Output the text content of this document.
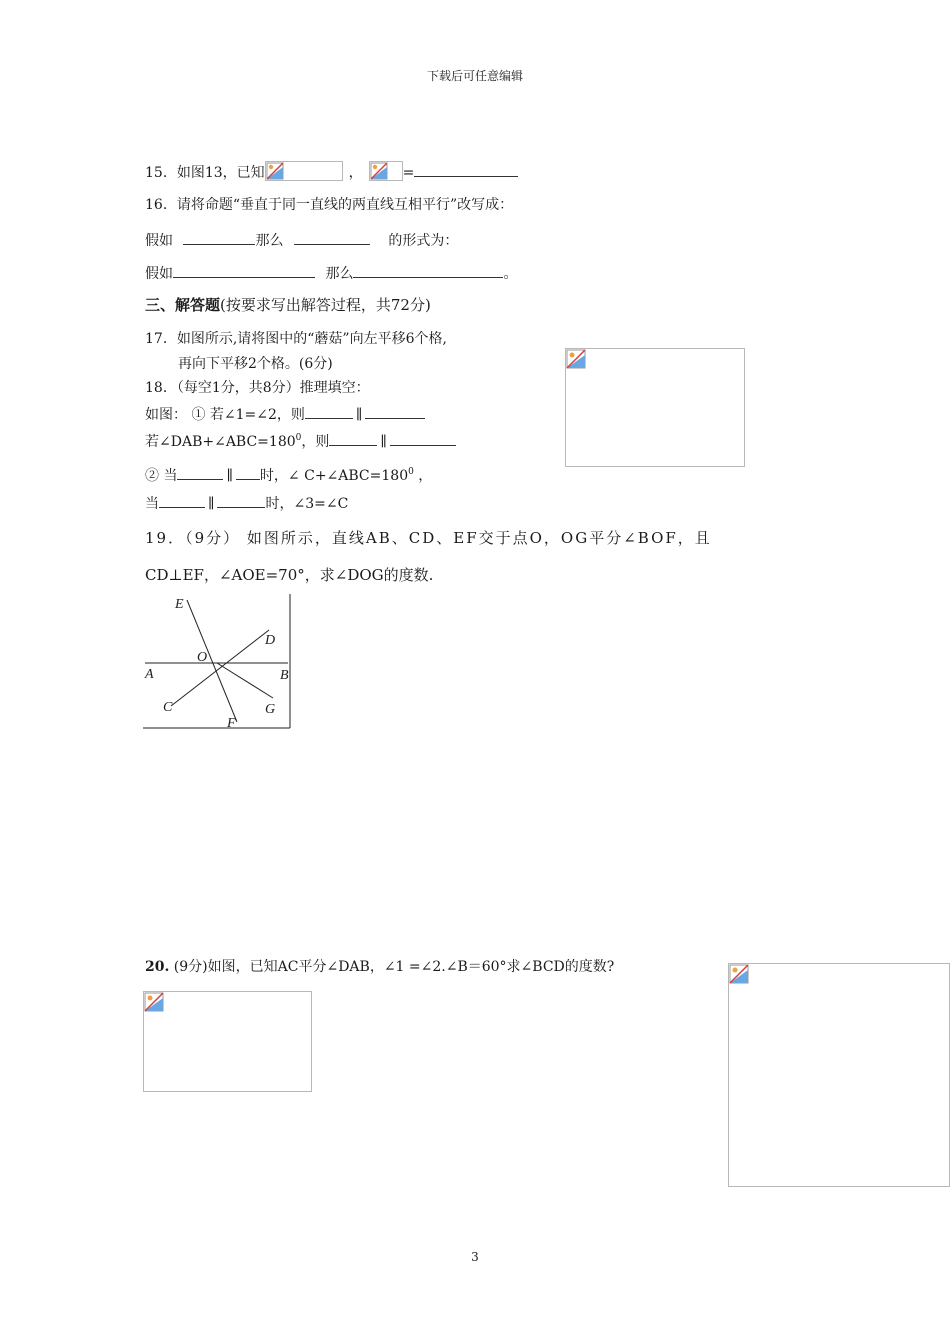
下载后可任意编辑
15．如图13，已知	，	=
16．请将命题“垂直于同一直线的两直线互相平行”改写成：
假如	那么	的形式为：
假如	那么	。
三、解答题(按要求写出解答过程，共72分)
17．如图所示,请将图中的“蘑菇”向左平移6个格,
再向下平移2个格。(6分)
18．（每空1分，共8分）推理填空：
如图： ① 若∠1=∠2，则	∥
若$\angle DAB+\angle ABC=180^0$，则	∥
② 当	∥ 时，∠ $C+\angle ABC=180^0$ ，
当	∥	时，∠3=∠C
19．（9分） 如图所示，直线AB、CD、EF交于点O，OG平分∠BOF，且
CD⊥EF，∠AOE=70°，求∠DOG的度数.
E
D
O
A	B
C	G
F
20. (9分)如图，已知AC平分∠DAB，∠1 =∠2.∠B＝60°求∠BCD的度数?
3
